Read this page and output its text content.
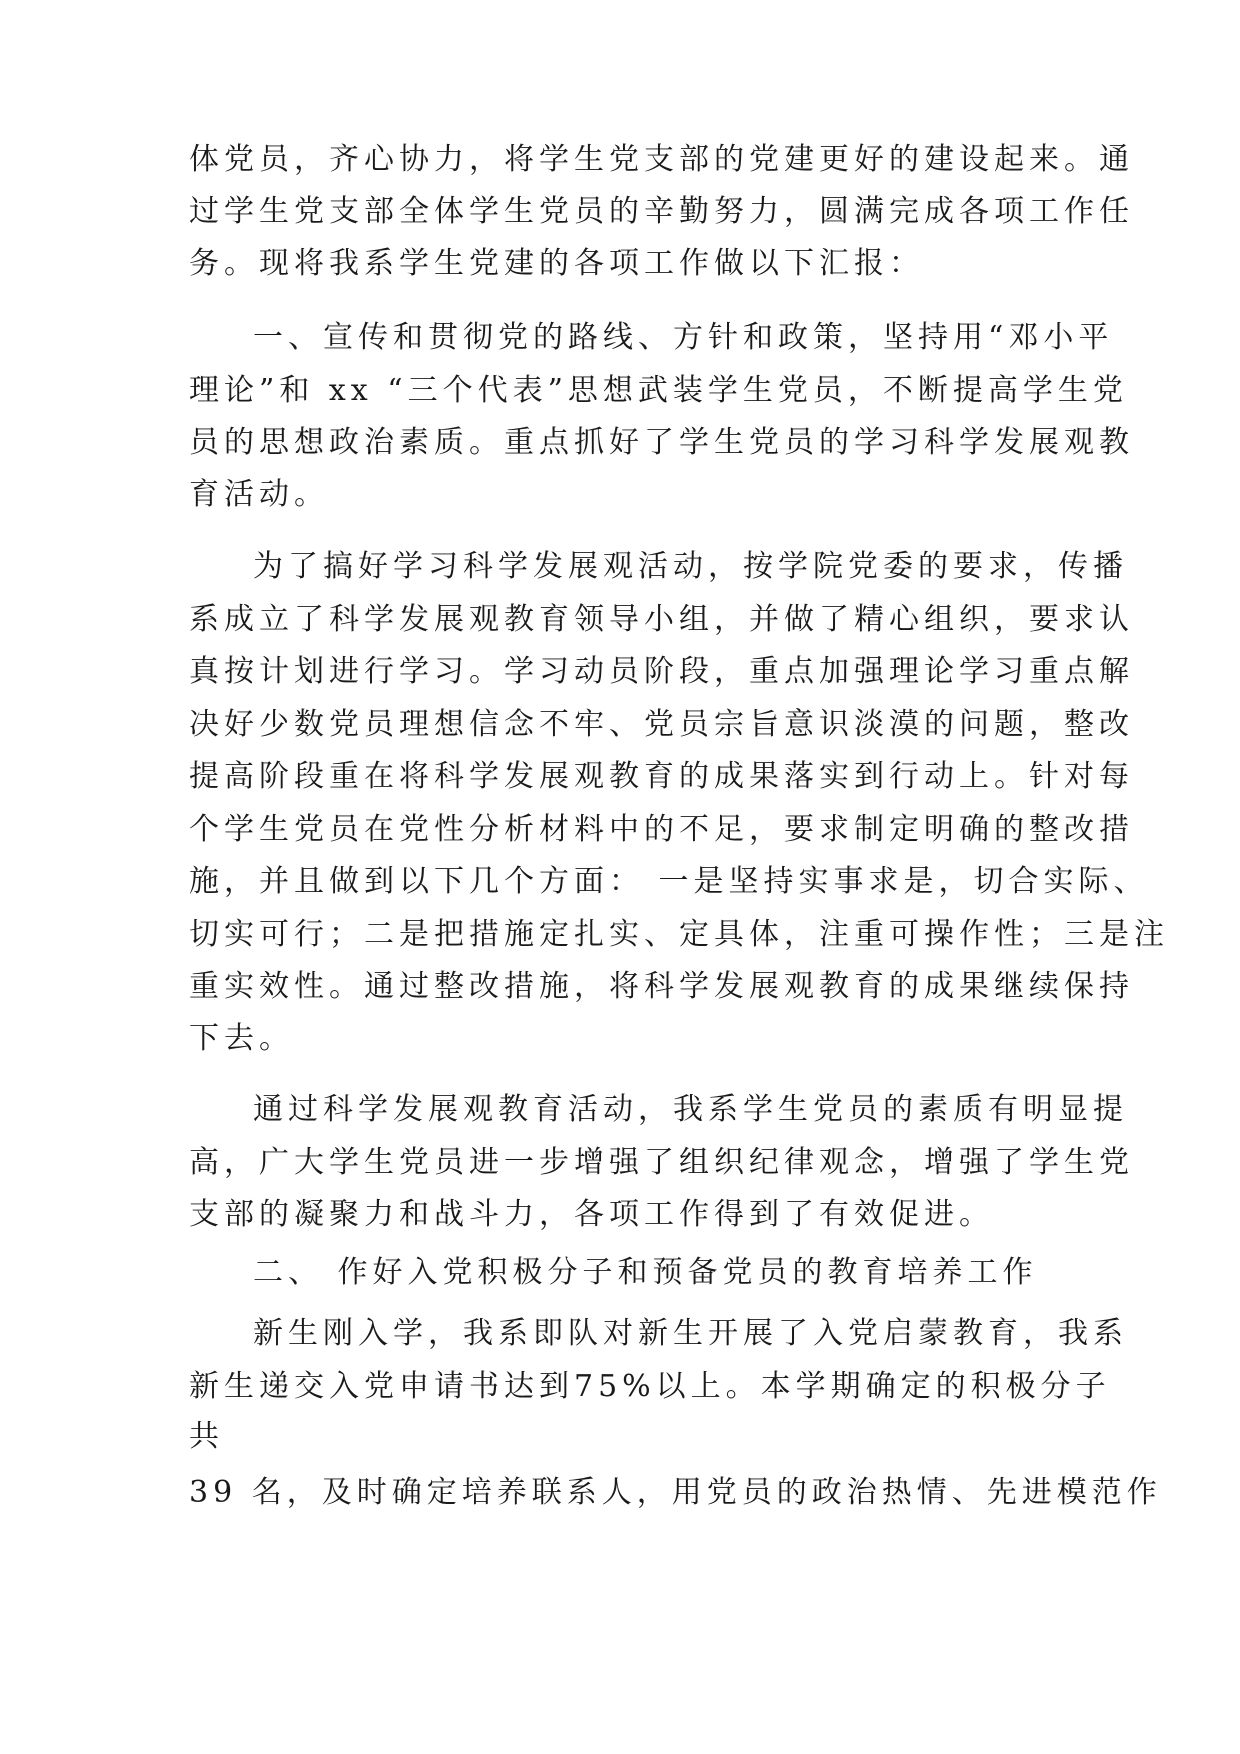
体党员，齐心协力，将学生党支部的党建更好的建设起来。通
过学生党支部全体学生党员的辛勤努力，圆满完成各项工作任
务。现将我系学生党建的各项工作做以下汇报：
一、宣传和贯彻党的路线、方针和政策，坚持用“邓小平
理论”和 xx “三个代表”思想武装学生党员，不断提高学生党
员的思想政治素质。重点抓好了学生党员的学习科学发展观教
育活动。
为了搞好学习科学发展观活动，按学院党委的要求，传播
系成立了科学发展观教育领导小组，并做了精心组织，要求认
真按计划进行学习。学习动员阶段，重点加强理论学习重点解
决好少数党员理想信念不牢、党员宗旨意识淡漠的问题，整改
提高阶段重在将科学发展观教育的成果落实到行动上。针对每
个学生党员在党性分析材料中的不足，要求制定明确的整改措
施，并且做到以下几个方面： 一是坚持实事求是，切合实际、
切实可行；二是把措施定扎实、定具体，注重可操作性；三是注
重实效性。通过整改措施，将科学发展观教育的成果继续保持
下去。
通过科学发展观教育活动，我系学生党员的素质有明显提
高，广大学生党员进一步增强了组织纪律观念，增强了学生党
支部的凝聚力和战斗力，各项工作得到了有效促进。
二、 作好入党积极分子和预备党员的教育培养工作
新生刚入学，我系即队对新生开展了入党启蒙教育，我系
新生递交入党申请书达到75%以上。本学期确定的积极分子
共
39 名，及时确定培养联系人，用党员的政治热情、先进模范作
